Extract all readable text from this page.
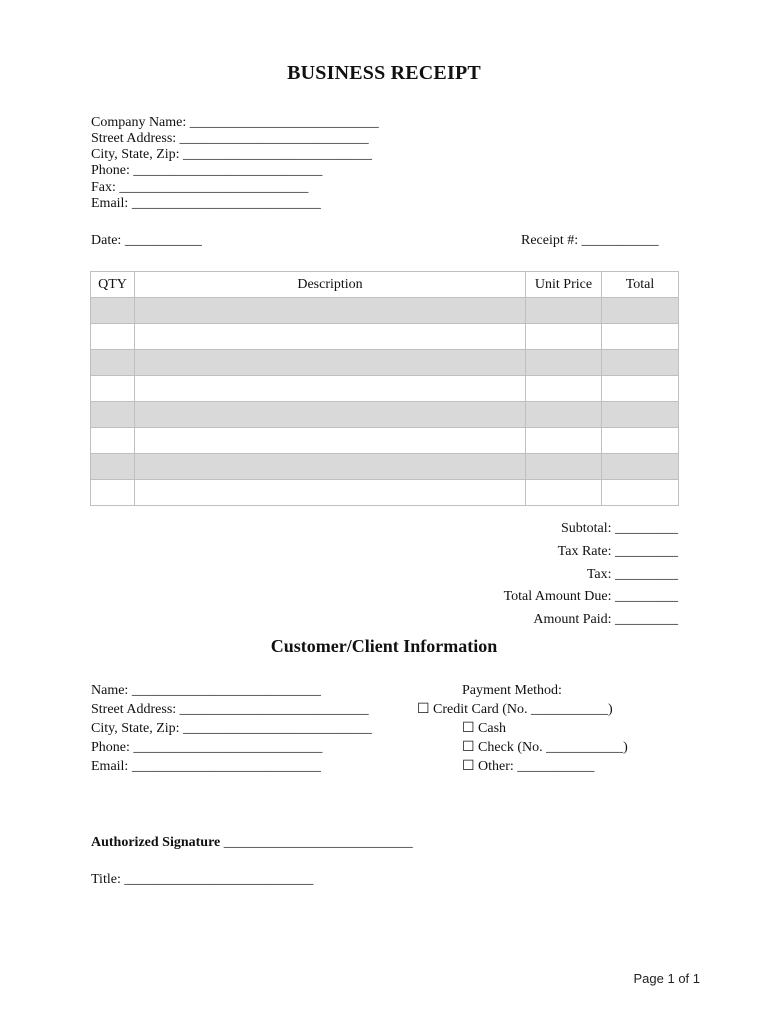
BUSINESS RECEIPT
Company Name: ___________________________
Street Address: ___________________________
City, State, Zip: ___________________________
Phone: ___________________________
Fax: ___________________________
Email: ___________________________
Date: ___________	Receipt #: ___________
QTY	Description	Unit Price	Total

Subtotal: _________
Tax Rate: _________
Tax: _________
Total Amount Due: _________
Amount Paid: _________
Customer/Client Information
Name: ___________________________
Street Address: ___________________________
City, State, Zip: ___________________________
Phone: ___________________________
Email: ___________________________
Payment Method:
☐ Credit Card (No. ___________)
☐ Cash
☐ Check (No. ___________)
☐ Other: ___________
Authorized Signature ___________________________
Title: ___________________________
Page 1 of 1
